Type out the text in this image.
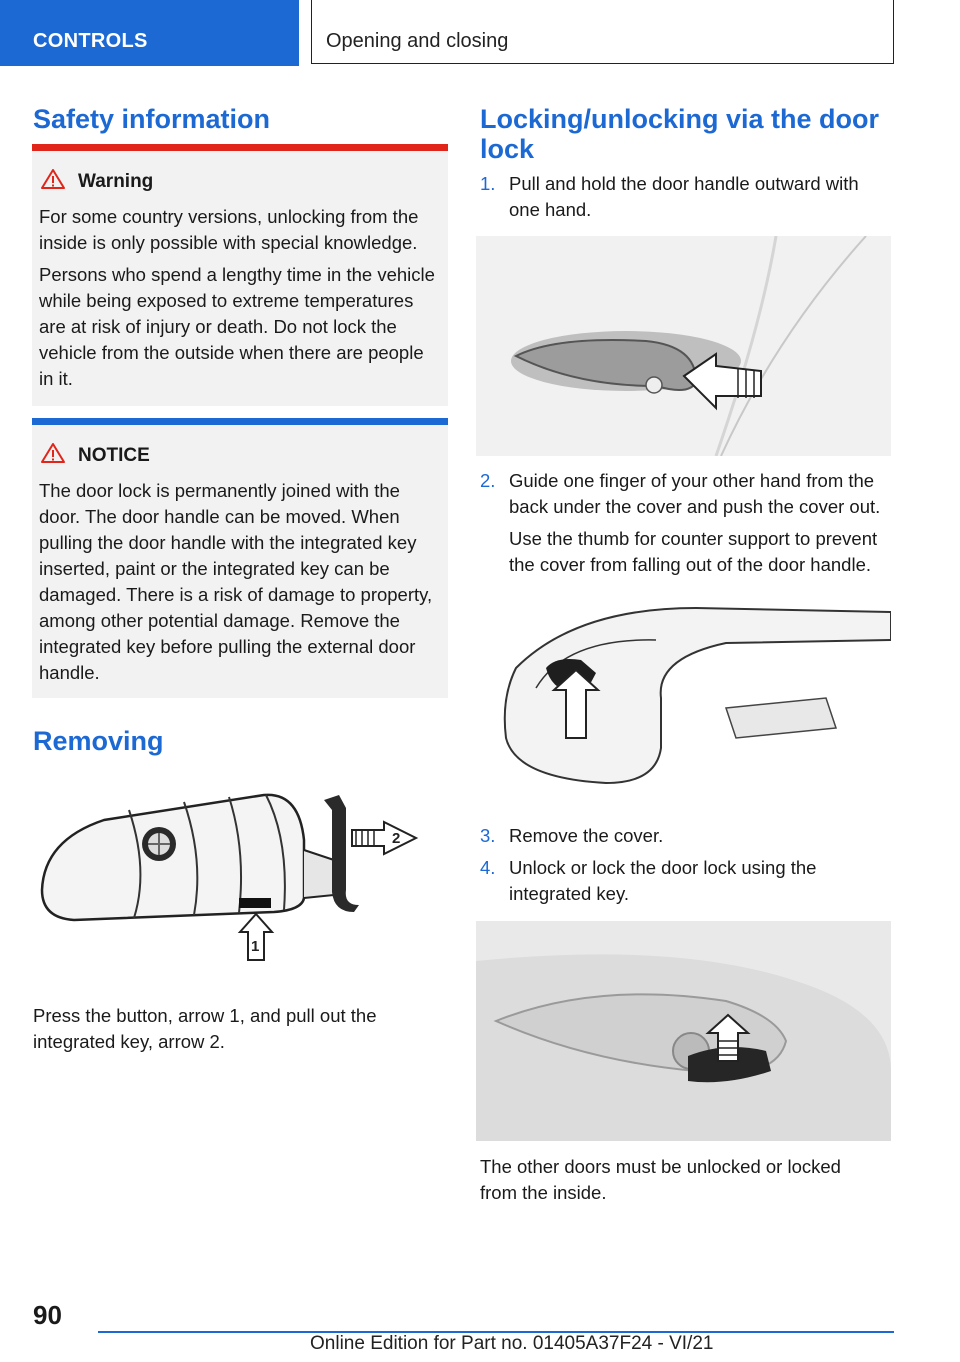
CONTROLS	Opening and closing
Safety information
Warning

For some country versions, unlocking from the inside is only possible with special knowledge.

Persons who spend a lengthy time in the vehicle while being exposed to extreme temperatures are at risk of injury or death. Do not lock the vehicle from the outside when there are people in it.

NOTICE

The door lock is permanently joined with the door. The door handle can be moved. When pulling the door handle with the integrated key inserted, paint or the integrated key can be damaged. There is a risk of damage to property, among other potential damage. Remove the integrated key before pulling the external door handle.

Removing
2
1

Press the button, arrow 1, and pull out the integrated key, arrow 2.

Locking/unlocking via the door lock
1. Pull and hold the door handle outward with one hand.

2. Guide one finger of your other hand from the back under the cover and push the cover out.

Use the thumb for counter support to prevent the cover from falling out of the door handle.

3. Remove the cover.

4. Unlock or lock the door lock using the integrated key.

The other doors must be unlocked or locked from the inside.

90
Online Edition for Part no. 01405A37F24 - VI/21
